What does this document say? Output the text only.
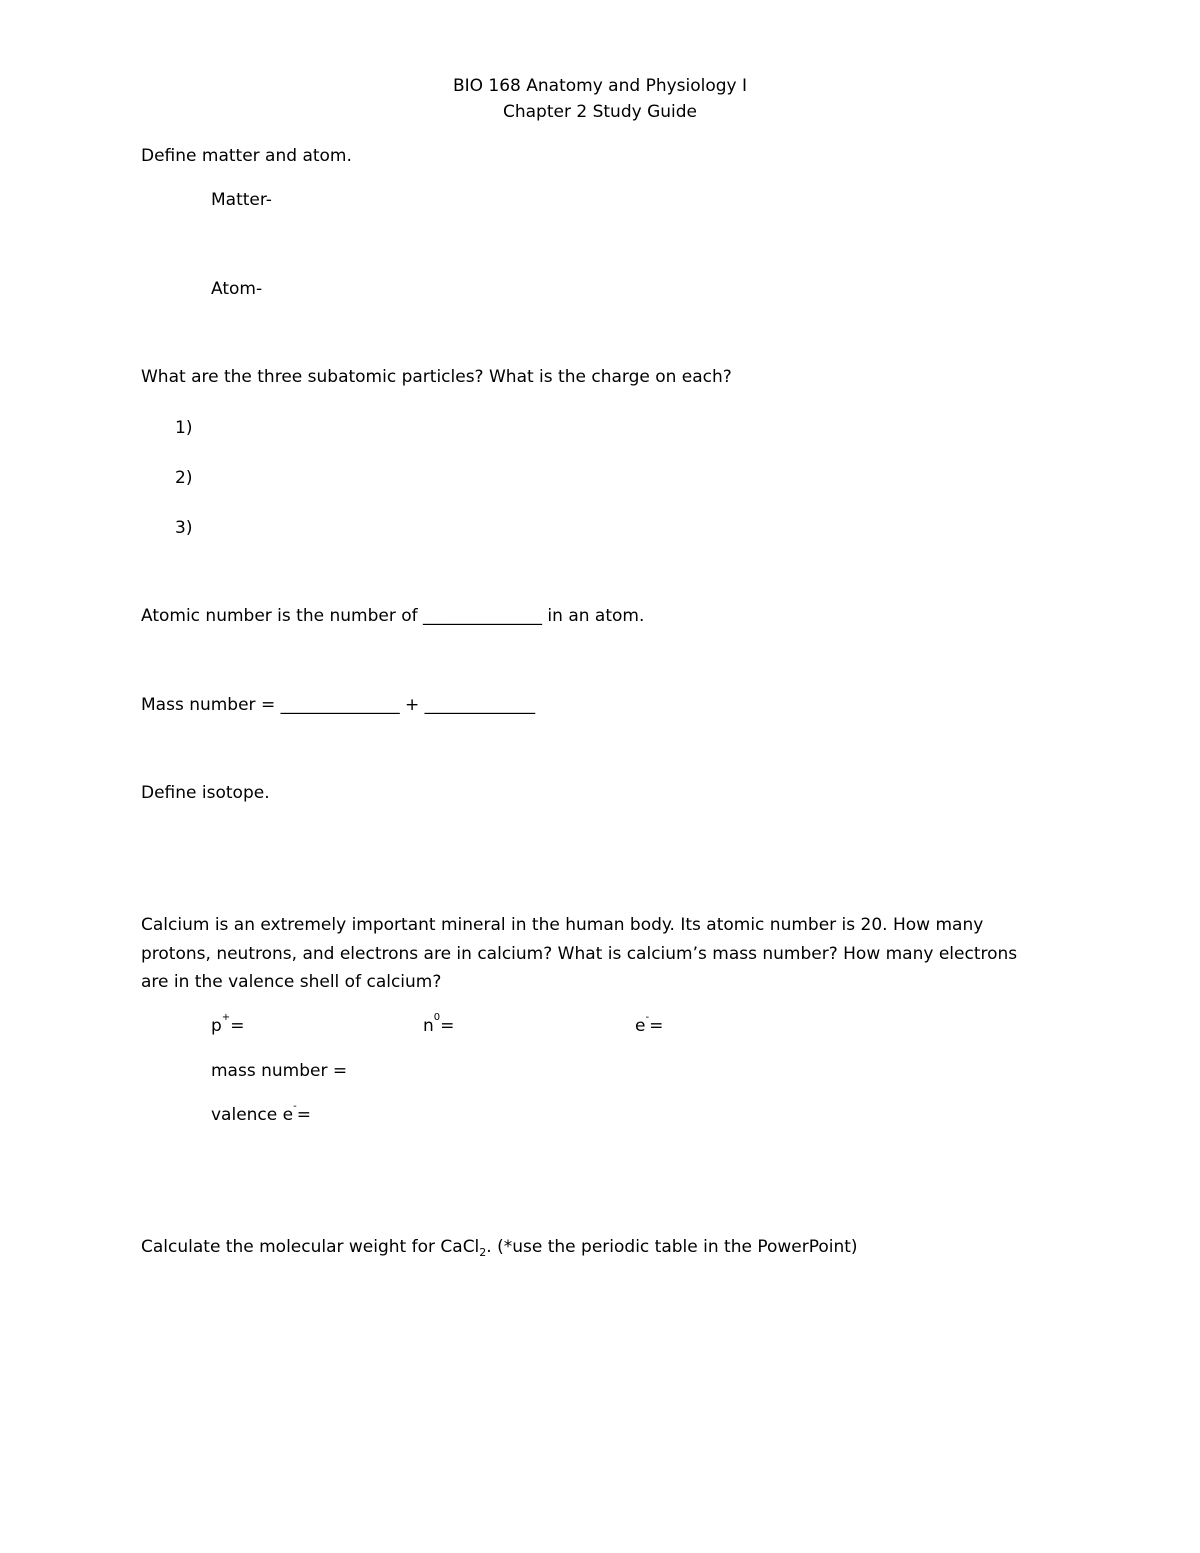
BIO 168 Anatomy and Physiology I
Chapter 2 Study Guide
Define matter and atom.
Matter-
Atom-
What are the three subatomic particles? What is the charge on each?
1)
2)
3)
Atomic number is the number of ______________ in an atom.
Mass number = ______________ + _____________
Define isotope.
Calcium is an extremely important mineral in the human body. Its atomic number is 20. How many
protons, neutrons, and electrons are in calcium? What is calcium’s mass number? How many electrons
are in the valence shell of calcium?
p+=	$n^0=$	e-=
mass number =
valence e-=
Calculate the molecular weight for CaCl$_2$. (*use the periodic table in the PowerPoint)
